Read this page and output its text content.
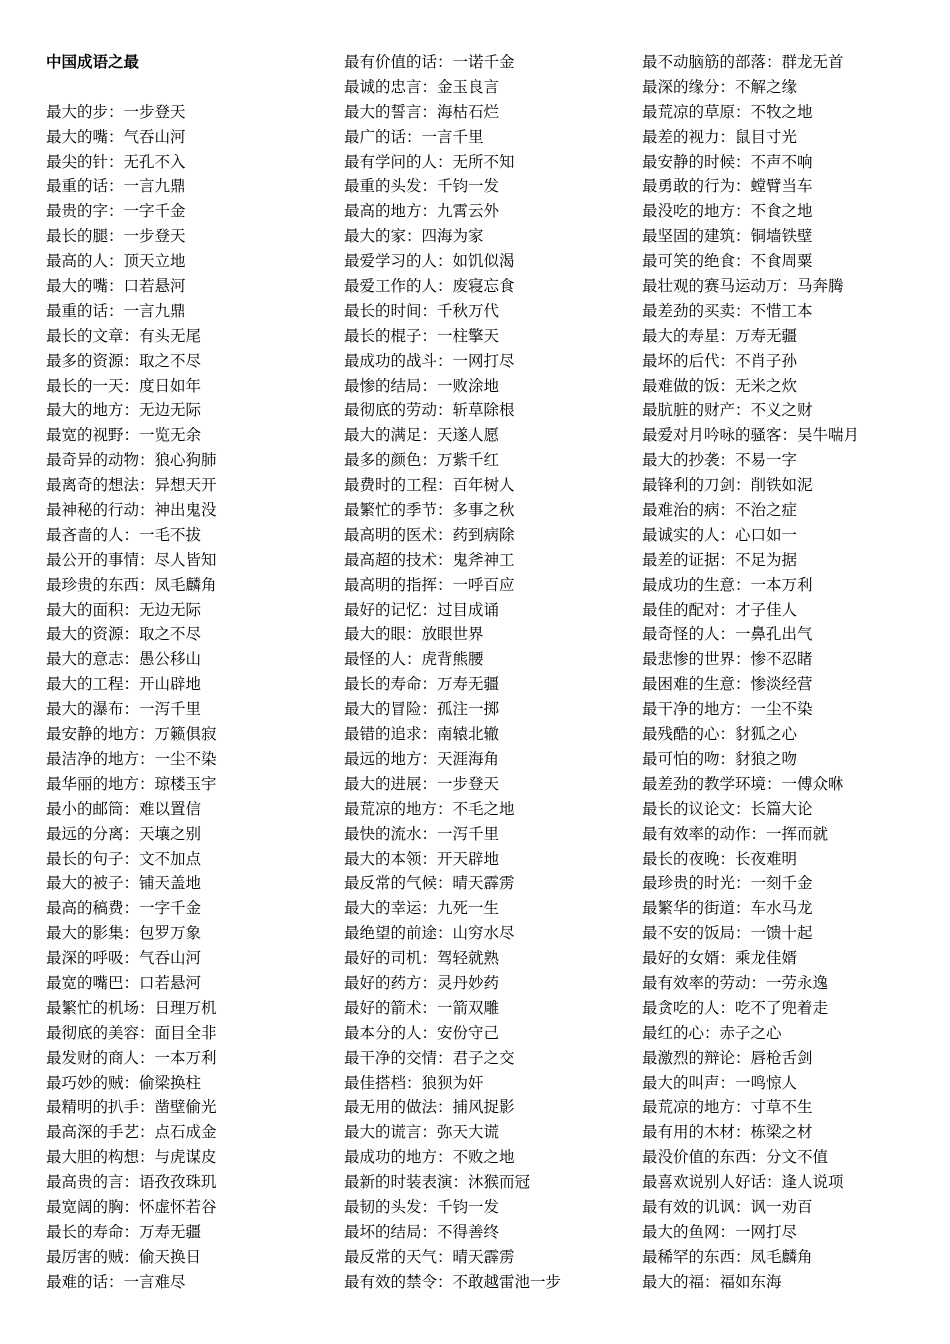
中国成语之最
最大的步：一步登天
最大的嘴：气吞山河
最尖的针：无孔不入
最重的话：一言九鼎
最贵的字：一字千金
最长的腿：一步登天
最高的人：顶天立地
最大的嘴：口若悬河
最重的话：一言九鼎
最长的文章：有头无尾
最多的资源：取之不尽
最长的一天：度日如年
最大的地方：无边无际
最宽的视野：一览无余
最奇异的动物：狼心狗肺
最离奇的想法：异想天开
最神秘的行动：神出鬼没
最吝啬的人：一毛不拔
最公开的事情：尽人皆知
最珍贵的东西：凤毛麟角
最大的面积：无边无际
最大的资源：取之不尽
最大的意志：愚公移山
最大的工程：开山辟地
最大的瀑布：一泻千里
最安静的地方：万籁俱寂
最洁净的地方：一尘不染
最华丽的地方：琼楼玉宇
最小的邮筒：难以置信
最远的分离：天壤之别
最长的句子：文不加点
最大的被子：铺天盖地
最高的稿费：一字千金
最大的影集：包罗万象
最深的呼吸：气吞山河
最宽的嘴巴：口若悬河
最繁忙的机场：日理万机
最彻底的美容：面目全非
最发财的商人：一本万利
最巧妙的贼：偷梁换柱
最精明的扒手：凿壁偷光
最高深的手艺：点石成金
最大胆的构想：与虎谋皮
最高贵的言：语孜孜珠玑
最宽阔的胸：怀虚怀若谷
最长的寿命：万寿无疆
最厉害的贼：偷天换日
最难的话：一言难尽
最有价值的话：一诺千金
最诚的忠言：金玉良言
最大的誓言：海枯石烂
最广的话：一言千里
最有学问的人：无所不知
最重的头发：千钧一发
最高的地方：九霄云外
最大的家：四海为家
最爱学习的人：如饥似渴
最爱工作的人：废寝忘食
最长的时间：千秋万代
最长的棍子：一柱擎天
最成功的战斗：一网打尽
最惨的结局：一败涂地
最彻底的劳动：斩草除根
最大的满足：天遂人愿
最多的颜色：万紫千红
最费时的工程：百年树人
最繁忙的季节：多事之秋
最高明的医术：药到病除
最高超的技术：鬼斧神工
最高明的指挥：一呼百应
最好的记忆：过目成诵
最大的眼：放眼世界
最怪的人：虎背熊腰
最长的寿命：万寿无疆
最大的冒险：孤注一掷
最错的追求：南辕北辙
最远的地方：天涯海角
最大的进展：一步登天
最荒凉的地方：不毛之地
最快的流水：一泻千里
最大的本领：开天辟地
最反常的气候：晴天霹雳
最大的幸运：九死一生
最绝望的前途：山穷水尽
最好的司机：驾轻就熟
最好的药方：灵丹妙药
最好的箭术：一箭双雕
最本分的人：安份守己
最干净的交情：君子之交
最佳搭档：狼狈为奸
最无用的做法：捕风捉影
最大的谎言：弥天大谎
最成功的地方：不败之地
最新的时装表演：沐猴而冠
最韧的头发：千钧一发
最坏的结局：不得善终
最反常的天气：晴天霹雳
最有效的禁令：不敢越雷池一步
最不动脑筋的部落：群龙无首
最深的缘分：不解之缘
最荒凉的草原：不牧之地
最差的视力：鼠目寸光
最安静的时候：不声不响
最勇敢的行为：螳臂当车
最没吃的地方：不食之地
最坚固的建筑：铜墙铁壁
最可笑的绝食：不食周粟
最壮观的赛马运动万：马奔腾
最差劲的买卖：不惜工本
最大的寿星：万寿无疆
最坏的后代：不肖子孙
最难做的饭：无米之炊
最肮脏的财产：不义之财
最爱对月吟咏的骚客：吴牛喘月
最大的抄袭：不易一字
最锋利的刀剑：削铁如泥
最难治的病：不治之症
最诚实的人：心口如一
最差的证据：不足为据
最成功的生意：一本万利
最佳的配对：才子佳人
最奇怪的人：一鼻孔出气
最悲惨的世界：惨不忍睹
最困难的生意：惨淡经营
最干净的地方：一尘不染
最残酷的心：豺狐之心
最可怕的吻：豺狼之吻
最差劲的教学环境：一傅众咻
最长的议论文：长篇大论
最有效率的动作：一挥而就
最长的夜晚：长夜难明
最珍贵的时光：一刻千金
最繁华的街道：车水马龙
最不安的饭局：一馈十起
最好的女婿：乘龙佳婿
最有效率的劳动：一劳永逸
最贪吃的人：吃不了兜着走
最红的心：赤子之心
最激烈的辩论：唇枪舌剑
最大的叫声：一鸣惊人
最荒凉的地方：寸草不生
最有用的木材：栋梁之材
最没价值的东西：分文不值
最喜欢说别人好话：逢人说项
最有效的讥讽：讽一劝百
最大的鱼网：一网打尽
最稀罕的东西：凤毛麟角
最大的福：福如东海
